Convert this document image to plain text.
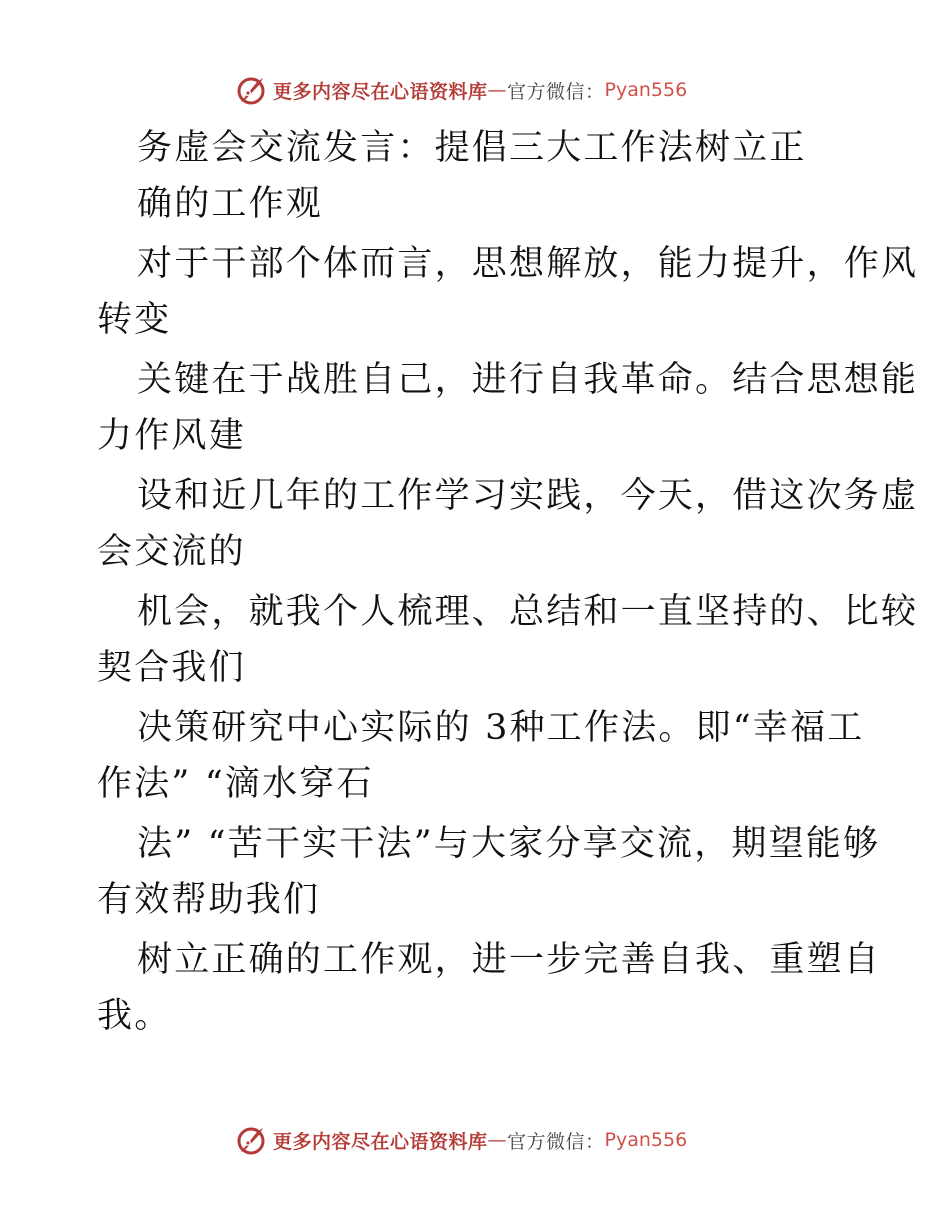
更多内容尽在心语资料库 — 官方微信： Pyan556
务虚会交流发言：提倡三大工作法树立正
确的工作观
对于干部个体而言，思想解放，能力提升，作风
转变
关键在于战胜自己，进行自我革命。结合思想能
力作风建
设和近几年的工作学习实践，今天，借这次务虚
会交流的
机会，就我个人梳理、总结和一直坚持的、比较
契合我们
决策研究中心实际的 3种工作法。即“幸福工
作法” “滴水穿石
法” “苦干实干法”与大家分享交流，期望能够
有效帮助我们
树立正确的工作观，进一步完善自我、重塑自
我。
更多内容尽在心语资料库 — 官方微信： Pyan556
